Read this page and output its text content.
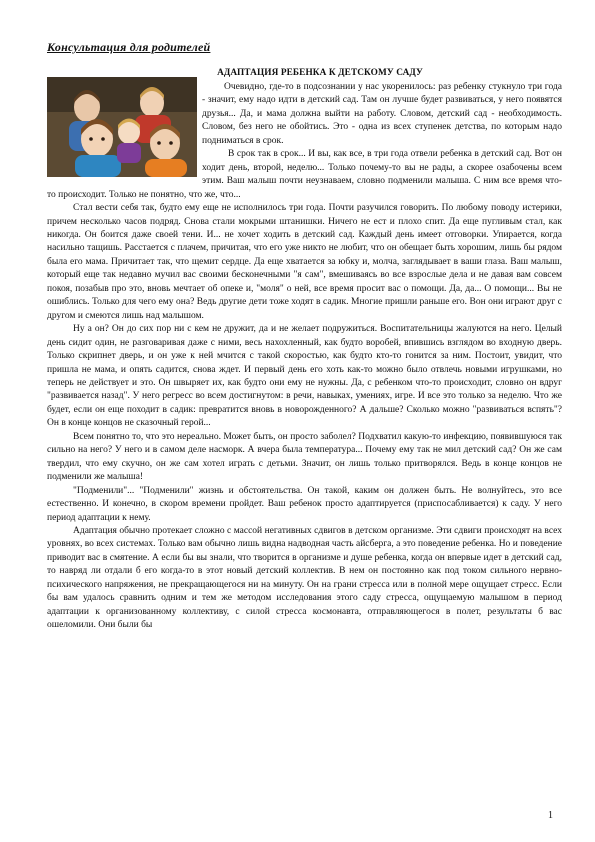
Консультация для родителей
АДАПТАЦИЯ РЕБЕНКА К ДЕТСКОМУ САДУ

Очевидно, где-то в подсознании у нас укоренилось: раз ребенку стукнуло три года - значит, ему надо идти в детский сад. Там он лучше будет развиваться, у него появятся друзья... Да, и мама должна выйти на работу. Словом, детский сад - необходимость. Словом, без него не обойтись. Это - одна из всех ступенек детства, по которым надо подниматься в срок.

В срок так в срок... И вы, как все, в три года отвели ребенка в детский сад. Вот он ходит день, второй, неделю... Только почему-то вы не рады, а скорее озабочены всем этим. Ваш малыш почти неузнаваем, словно подменили малыша. С ним все время что-то происходит. Только не понятно, что же, что...

Стал вести себя так, будто ему еще не исполнилось три года. Почти разучился говорить. По любому поводу истерики, причем несколько часов подряд. Снова стали мокрыми штанишки. Ничего не ест и плохо спит. Да еще пугливым стал, как никогда. Он боится даже своей тени. И... не хочет ходить в детский сад. Каждый день имеет отговорки. Упирается, когда насильно тащишь. Расстается с плачем, причитая, что его уже никто не любит, что он обещает быть хорошим, лишь бы рядом была его мама. Причитает так, что щемит сердце. Да еще хватается за юбку и, молча, заглядывает в ваши глаза. Ваш малыш, который еще так недавно мучил вас своими бесконечными "я сам", вмешиваясь во все взрослые дела и не давая вам совсем покоя, позабыв про это, вновь мечтает об опеке и, "моля" о ней, все время просит вас о помощи. Да, да... О помощи... Вы не ошиблись. Только для чего ему она? Ведь другие дети тоже ходят в садик. Многие пришли раньше его. Вон они играют друг с другом и смеются лишь над малышом.

Ну а он? Он до сих пор ни с кем не дружит, да и не желает подружиться. Воспитательницы жалуются на него. Целый день сидит один, не разговаривая даже с ними, весь нахохленный, как будто воробей, впившись взглядом во входную дверь. Только скрипнет дверь, и он уже к ней мчится с такой скоростью, как будто кто-то гонится за ним. Постоит, увидит, что пришла не мама, и опять садится, снова ждет. И первый день его хоть как-то можно было отвлечь новыми игрушками, но теперь не действует и это. Он швыряет их, как будто они ему не нужны. Да, с ребенком что-то происходит, словно он вдруг "развивается назад". У него регресс во всем достигнутом: в речи, навыках, умениях, игре. И все это только за неделю. Что же будет, если он еще походит в садик: превратится вновь в новорожденного? А дальше? Сколько можно "развиваться вспять"? Он в конце концов не сказочный герой...

Всем понятно то, что это нереально. Может быть, он просто заболел? Подхватил какую-то инфекцию, появившуюся так сильно на него? У него и в самом деле насморк. А вчера была температура... Почему ему так не мил детский сад? Он же сам твердил, что ему скучно, он же сам хотел играть с детьми. Значит, он лишь только притворялся. Ведь в конце концов не подменили же малыша!

"Подменили"... "Подменили" жизнь и обстоятельства. Он такой, каким он должен быть. Не волнуйтесь, это все естественно. И конечно, в скором времени пройдет. Ваш ребенок просто адаптируется (приспосабливается) к саду. У него период адаптации к нему.

Адаптация обычно протекает сложно с массой негативных сдвигов в детском организме. Эти сдвиги происходят на всех уровнях, во всех системах. Только вам обычно лишь видна надводная часть айсберга, а это поведение ребенка. Но и поведение приводит вас в смятение. А если бы вы знали, что творится в организме и душе ребенка, когда он впервые идет в детский сад, то навряд ли отдали б его когда-то в этот новый детский коллектив. В нем он постоянно как под током сильного нервно-психического напряжения, не прекращающегося ни на минуту. Он на грани стресса или в полной мере ощущает стресс. Если бы вам удалось сравнить одним и тем же методом исследования этого саду стресса, ощущаемую малышом в период адаптации к организованному коллективу, с силой стресса космонавта, отправляющегося в полет, результаты б вас ошеломили. Они были бы

1
